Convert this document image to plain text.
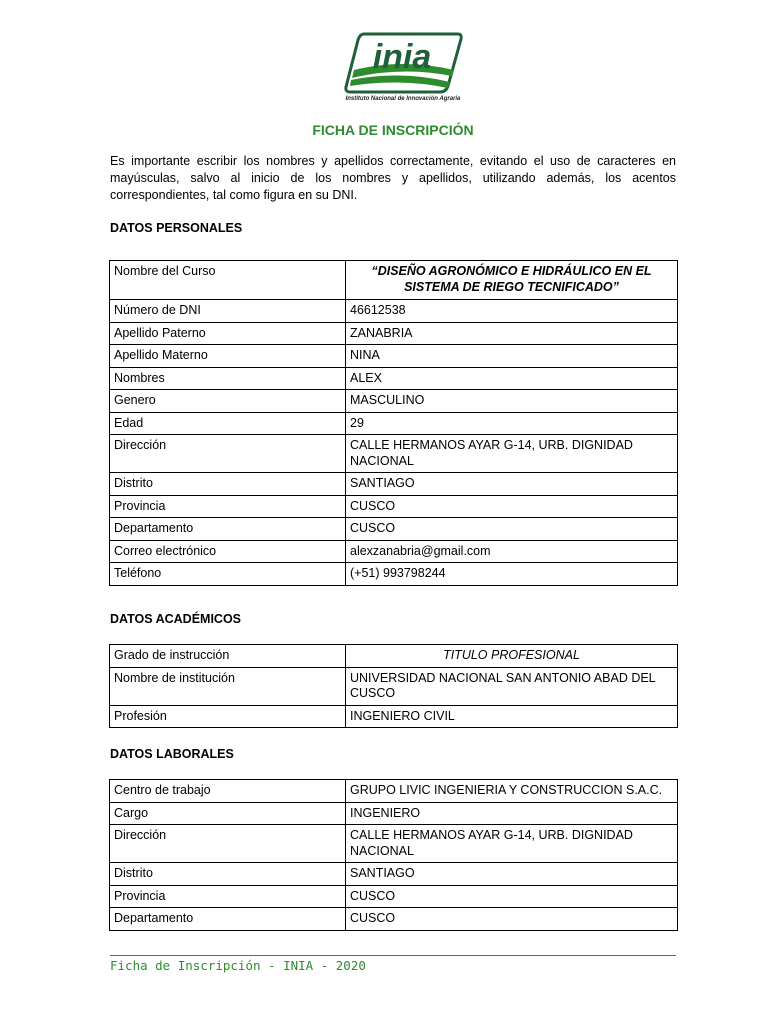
inia
Instituto Nacional de Innovación Agraria
FICHA DE INSCRIPCIÓN
Es importante escribir los nombres y apellidos correctamente, evitando el uso de caracteres en mayúsculas, salvo al inicio de los nombres y apellidos, utilizando además, los acentos correspondientes, tal como figura en su DNI.
DATOS PERSONALES
Nombre del Curso	“DISEÑO AGRONÓMICO E HIDRÁULICO EN EL SISTEMA DE RIEGO TECNIFICADO”
Número de DNI	46612538
Apellido Paterno	ZANABRIA
Apellido Materno	NINA
Nombres	ALEX
Genero	MASCULINO
Edad	29
Dirección	CALLE HERMANOS AYAR G-14, URB. DIGNIDAD NACIONAL
Distrito	SANTIAGO
Provincia	CUSCO
Departamento	CUSCO
Correo electrónico	alexzanabria@gmail.com
Teléfono	(+51) 993798244
DATOS ACADÉMICOS
Grado de instrucción	TITULO PROFESIONAL
Nombre de institución	UNIVERSIDAD NACIONAL SAN ANTONIO ABAD DEL CUSCO
Profesión	INGENIERO CIVIL
DATOS LABORALES
Centro de trabajo	GRUPO LIVIC INGENIERIA Y CONSTRUCCION S.A.C.
Cargo	INGENIERO
Dirección	CALLE HERMANOS AYAR G-14, URB. DIGNIDAD NACIONAL
Distrito	SANTIAGO
Provincia	CUSCO
Departamento	CUSCO
Ficha de Inscripción - INIA - 2020
